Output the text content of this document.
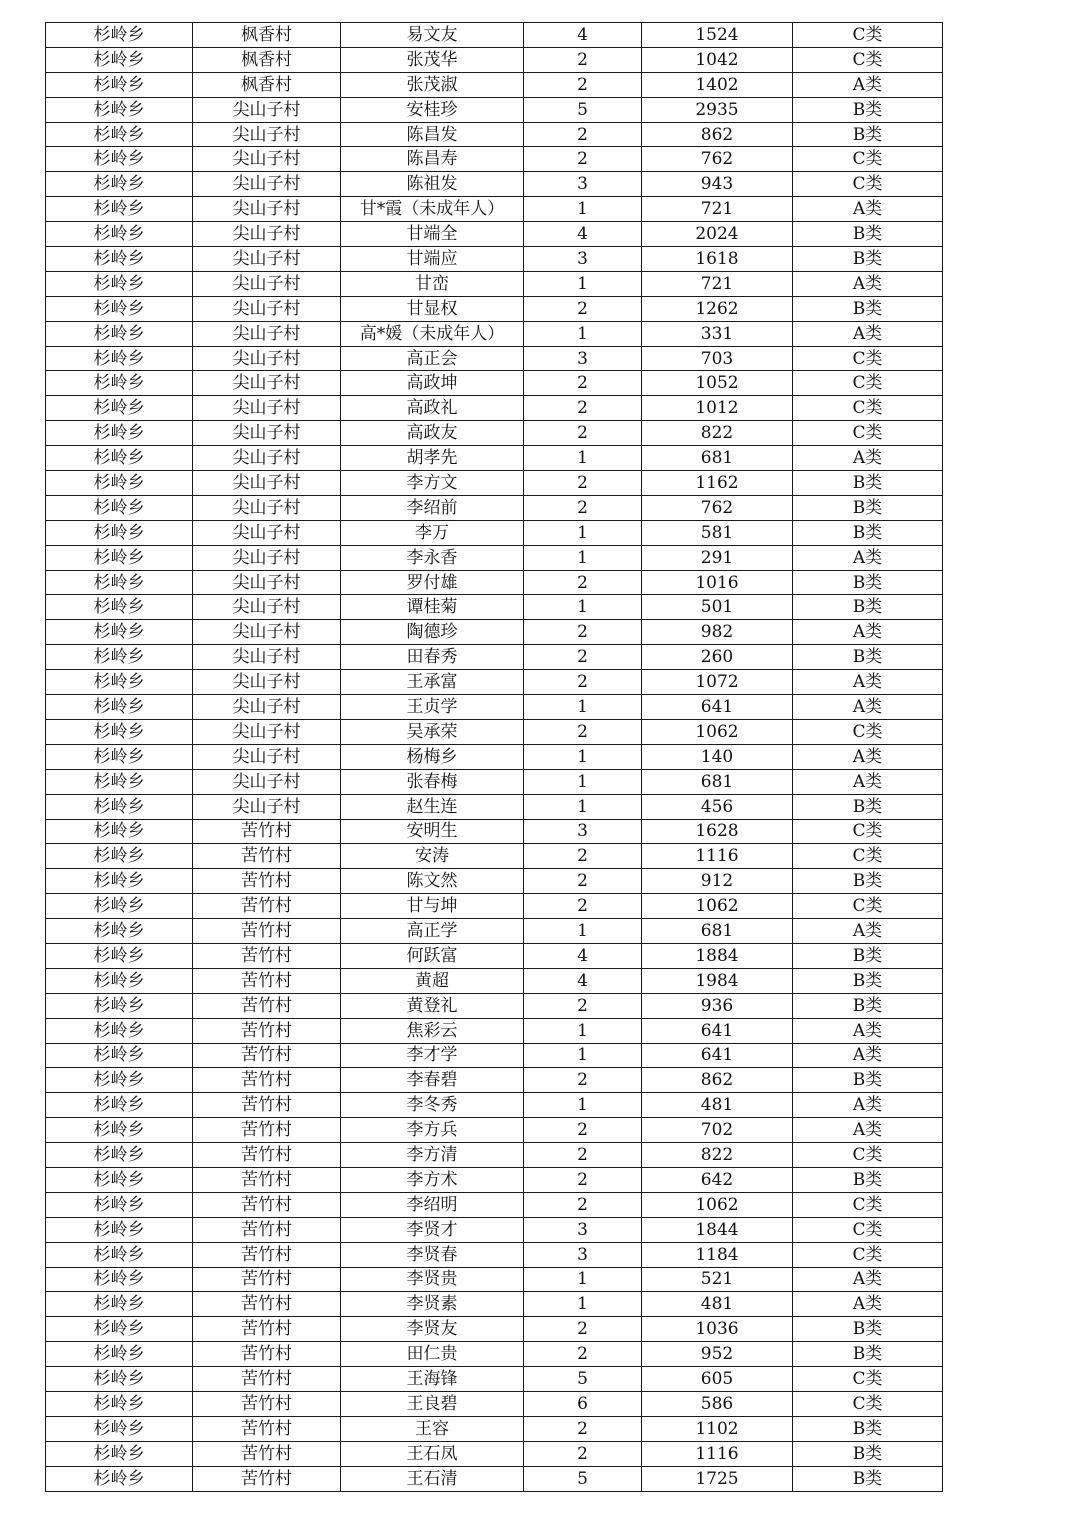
杉岭乡	枫香村	易文友	4	1524	C类
杉岭乡	枫香村	张茂华	2	1042	C类
杉岭乡	枫香村	张茂淑	2	1402	A类
杉岭乡	尖山子村	安桂珍	5	2935	B类
杉岭乡	尖山子村	陈昌发	2	862	B类
杉岭乡	尖山子村	陈昌寿	2	762	C类
杉岭乡	尖山子村	陈祖发	3	943	C类
杉岭乡	尖山子村	甘*霞（未成年人）	1	721	A类
杉岭乡	尖山子村	甘端全	4	2024	B类
杉岭乡	尖山子村	甘端应	3	1618	B类
杉岭乡	尖山子村	甘峦	1	721	A类
杉岭乡	尖山子村	甘显权	2	1262	B类
杉岭乡	尖山子村	高*媛（未成年人）	1	331	A类
杉岭乡	尖山子村	高正会	3	703	C类
杉岭乡	尖山子村	高政坤	2	1052	C类
杉岭乡	尖山子村	高政礼	2	1012	C类
杉岭乡	尖山子村	高政友	2	822	C类
杉岭乡	尖山子村	胡孝先	1	681	A类
杉岭乡	尖山子村	李方文	2	1162	B类
杉岭乡	尖山子村	李绍前	2	762	B类
杉岭乡	尖山子村	李万	1	581	B类
杉岭乡	尖山子村	李永香	1	291	A类
杉岭乡	尖山子村	罗付雄	2	1016	B类
杉岭乡	尖山子村	谭桂菊	1	501	B类
杉岭乡	尖山子村	陶德珍	2	982	A类
杉岭乡	尖山子村	田春秀	2	260	B类
杉岭乡	尖山子村	王承富	2	1072	A类
杉岭乡	尖山子村	王贞学	1	641	A类
杉岭乡	尖山子村	吴承荣	2	1062	C类
杉岭乡	尖山子村	杨梅乡	1	140	A类
杉岭乡	尖山子村	张春梅	1	681	A类
杉岭乡	尖山子村	赵生连	1	456	B类
杉岭乡	苦竹村	安明生	3	1628	C类
杉岭乡	苦竹村	安涛	2	1116	C类
杉岭乡	苦竹村	陈文然	2	912	B类
杉岭乡	苦竹村	甘与坤	2	1062	C类
杉岭乡	苦竹村	高正学	1	681	A类
杉岭乡	苦竹村	何跃富	4	1884	B类
杉岭乡	苦竹村	黄超	4	1984	B类
杉岭乡	苦竹村	黄登礼	2	936	B类
杉岭乡	苦竹村	焦彩云	1	641	A类
杉岭乡	苦竹村	李才学	1	641	A类
杉岭乡	苦竹村	李春碧	2	862	B类
杉岭乡	苦竹村	李冬秀	1	481	A类
杉岭乡	苦竹村	李方兵	2	702	A类
杉岭乡	苦竹村	李方清	2	822	C类
杉岭乡	苦竹村	李方术	2	642	B类
杉岭乡	苦竹村	李绍明	2	1062	C类
杉岭乡	苦竹村	李贤才	3	1844	C类
杉岭乡	苦竹村	李贤春	3	1184	C类
杉岭乡	苦竹村	李贤贵	1	521	A类
杉岭乡	苦竹村	李贤素	1	481	A类
杉岭乡	苦竹村	李贤友	2	1036	B类
杉岭乡	苦竹村	田仁贵	2	952	B类
杉岭乡	苦竹村	王海锋	5	605	C类
杉岭乡	苦竹村	王良碧	6	586	C类
杉岭乡	苦竹村	王容	2	1102	B类
杉岭乡	苦竹村	王石凤	2	1116	B类
杉岭乡	苦竹村	王石清	5	1725	B类
